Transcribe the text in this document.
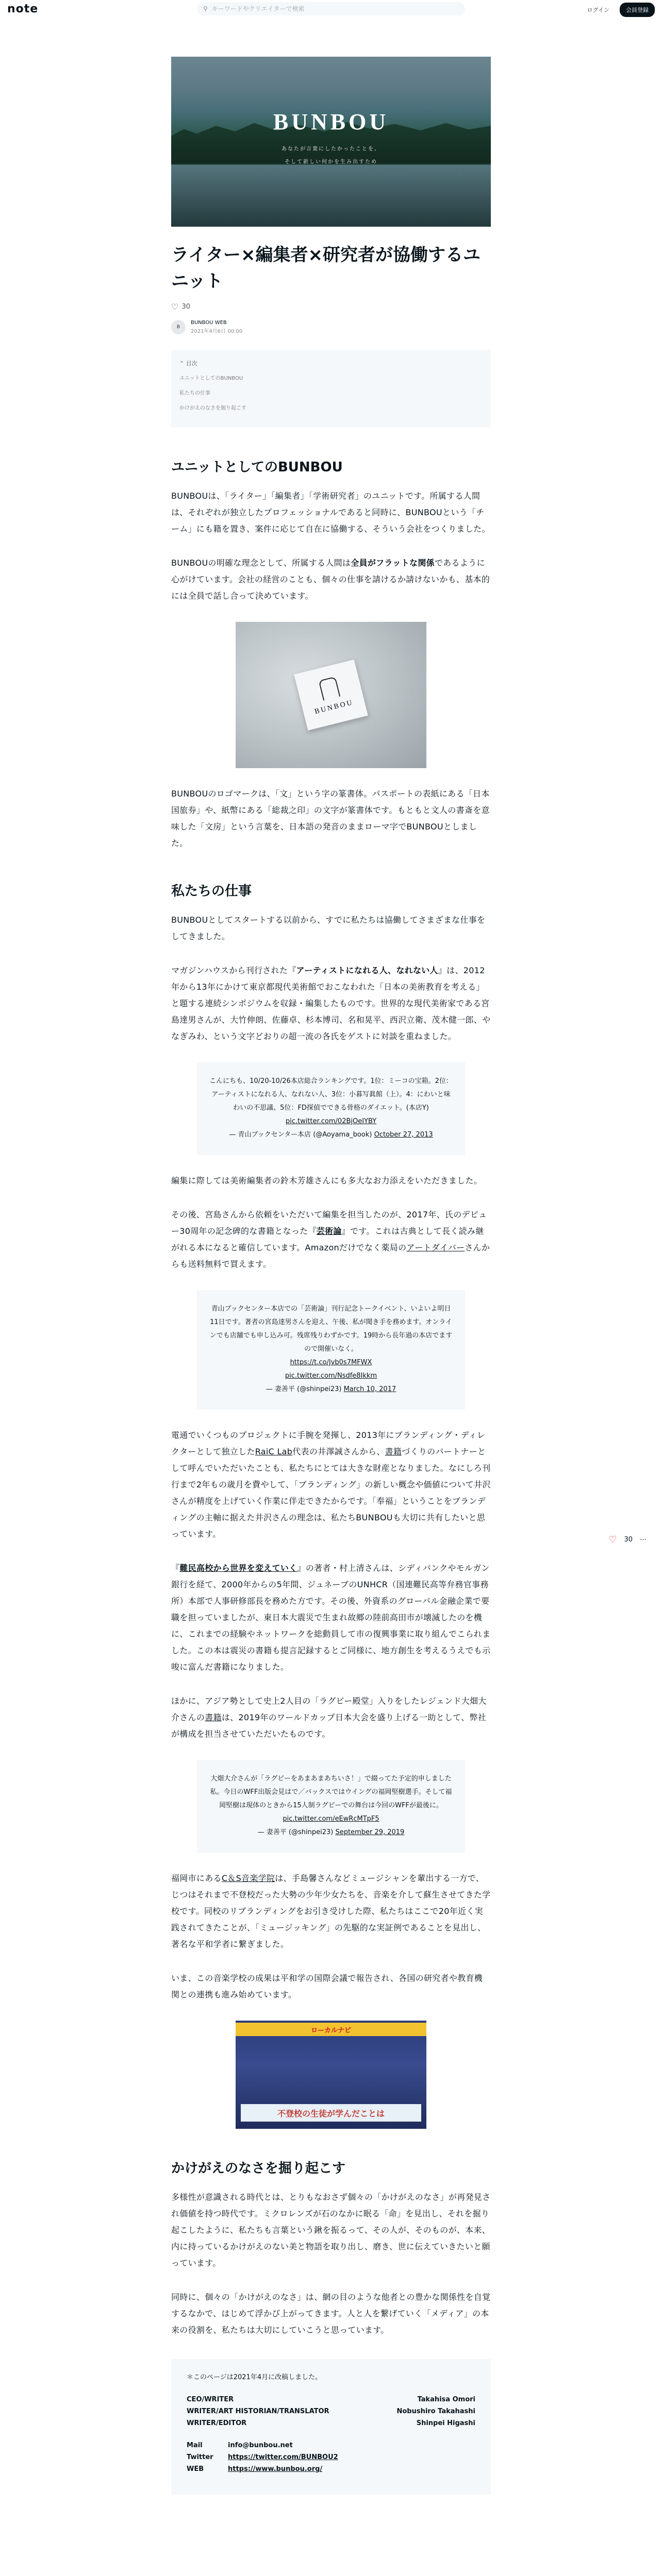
note	⚲
キーワードやクリエイターで検索	ログイン	会員登録
BUNBOU
あなたが言葉にしたかったことを、
そして新しい何かを生み出すため
ライター×編集者×研究者が協働するユニット
♡ 30
B
BUNBOU WEB
2021年4月6日 00:00
⌃ 目次
ユニットとしてのBUNBOU
私たちの仕事
かけがえのなさを掘り起こす
ユニットとしてのBUNBOU

BUNBOUは、「ライター」「編集者」「学術研究者」のユニットです。所属する人間は、それぞれが独立したプロフェッショナルであると同時に、BUNBOUという「チーム」にも籍を置き、案件に応じて自在に協働する、そういう会社をつくりました。

BUNBOUの明確な理念として、所属する人間は全員がフラットな関係であるように心がけています。会社の経営のことも、個々の仕事を請けるか請けないかも、基本的には全員で話し合って決めています。

BUNBOU

BUNBOUのロゴマークは、「文」という字の篆書体。パスポートの表紙にある「日本国旅券」や、紙幣にある「総裁之印」の文字が篆書体です。もともと文人の書斎を意味した「文房」という言葉を、日本語の発音のままローマ字でBUNBOUとしました。

私たちの仕事

BUNBOUとしてスタートする以前から、すでに私たちは協働してさまざまな仕事をしてきました。

マガジンハウスから刊行された『アーティストになれる人、なれない人』は、2012年から13年にかけて東京都現代美術館でおこなわれた「日本の美術教育を考える」と題する連続シンポジウムを収録・編集したものです。世界的な現代美術家である宮島達男さんが、大竹伸朗、佐藤卓、杉本博司、名和晃平、西沢立衛、茂木健一郎、やなぎみわ、という文字どおりの超一流の各氏をゲストに対談を重ねました。

こんにちも、10/20-10/26本店総合ランキングです。1位：ミーコの宝箱。2位：アーティストになれる人、なれない人、3位：小暮写眞館（上）。4：にわいと味わいの不思議、5位：FD探偵でできる骨格のダイエット。(本店Y)
pic.twitter.com/02BjOeIYBY
— 青山ブックセンター本店 (@Aoyama_book) October 27, 2013

編集に際しては美術編集者の鈴木芳雄さんにも多大なお力添えをいただきました。

その後、宮島さんから依頼をいただいて編集を担当したのが、2017年、氏のデビュー30周年の記念碑的な書籍となった『芸術論』です。これは古典として長く読み継がれる本になると確信しています。Amazonだけでなく薬局のアートダイバーさんからも送料無料で買えます。

青山ブックセンター本店での「芸術論」刊行記念トークイベント、いよいよ明日11日です。著者の宮島達男さんを迎え、午後、私が聞き手を務めます。オンラインでも店舗でも申し込み可。残席残りわずかです。19時から長年過の本店でますので開催いなく。
https://t.co/Jvb0s7MFWX
pic.twitter.com/Nsdfe8Ikkm
— 妻善平 (@shinpei23) March 10, 2017

電通でいくつものプロジェクトに手腕を発揮し、2013年にブランディング・ディレクターとして独立したRaiC Lab代表の井澤誠さんから、書籍づくりのパートナーとして呼んでいただいたことも、私たちにとては大きな財産となりました。なにしろ刊行まで2年もの歳月を費やして、「ブランディング」の新しい概念や価値について井沢さんが精度を上げていく作業に伴走できたからです。「奉福」ということをブランディングの主軸に据えた井沢さんの理念は、私たちBUNBOUも大切に共有したいと思っています。

『難民高校から世界を変えていく』の著者・村上清さんは、シディバンクやモルガン銀行を経て、2000年からの5年間、ジュネーブのUNHCR（国連難民高等弁務官事務所）本部で人事研修部長を務めた方です。その後、外資系のグローバル金融企業で要職を担っていましたが、東日本大震災で生まれ故郷の陸前高田市が壊滅したのを機に、これまでの経験やネットワークを総動員して市の復興事業に取り組んでこられました。この本は震災の書籍も提言記録するとご同様に、地方創生を考えるうえでも示唆に富んだ書籍になりました。

ほかに、アジア勢として史上2人目の「ラグビー殿堂」入りをしたレジェンド大畑大介さんの書籍は、2019年のワールドカップ日本大会を盛り上げる一助として、弊社が構成を担当させていただいたものです。

大畑大介さんが「ラグビーをあまあまあちいさ！」で綴ってた予定的申しました私。今日のWFF出版会見はで／バックスではウイングの福岡堅樹選手。そして福岡堅樹は現体のときから15人制ラグビーでの舞台は今回のWFFが最後に。
pic.twitter.com/eEwRcMTpF5
— 妻善平 (@shinpei23) September 29, 2019

福岡市にあるC＆S音楽学院は、手島馨さんなどミュージシャンを輩出する一方で、じつはそれまで不登校だった大勢の少年少女たちを、音楽を介して蘇生させてきた学校です。同校のリブランディングをお引き受けした際、私たちはここで20年近く実践されてきたことが、「ミュージッキング」の先駆的な実証例であることを見出し、著名な平和学者に繋ぎました。

いま、この音楽学校の成果は平和学の国際会議で報告され、各国の研究者や教育機関との連携も進み始めています。

ローカルナビ
不登校の生徒が学んだことは
かけがえのなさを掘り起こす

多様性が意識される時代とは、とりもなおさず個々の「かけがえのなさ」が再発見され価値を持つ時代です。ミクロレンズが石のなかに眠る「命」を見出し、それを掘り起こしたように、私たちも言葉という鍬を振るって、その人が、そのものが、本来、内に持っているかけがえのない美と物語を取り出し、磨き、世に伝えていきたいと願っています。

同時に、個々の「かけがえのなさ」は、網の目のような他者との豊かな関係性を自覚するなかで、はじめて浮かび上がってきます。人と人を繋げていく「メディア」の本来の役割を、私たちは大切にしていこうと思っています。

＊このページは2021年4月に改稿しました。
CEO/WRITER	Takahisa Omori
WRITER/ART HISTORIAN/TRANSLATOR	Nobushiro Takahashi
WRITER/EDITOR	Shinpei Higashi
Mail	info@bunbou.net
Twitter https://twitter.com/BUNBOU2
WEB	https://www.bunbou.org/
♡ 30 ⋯
